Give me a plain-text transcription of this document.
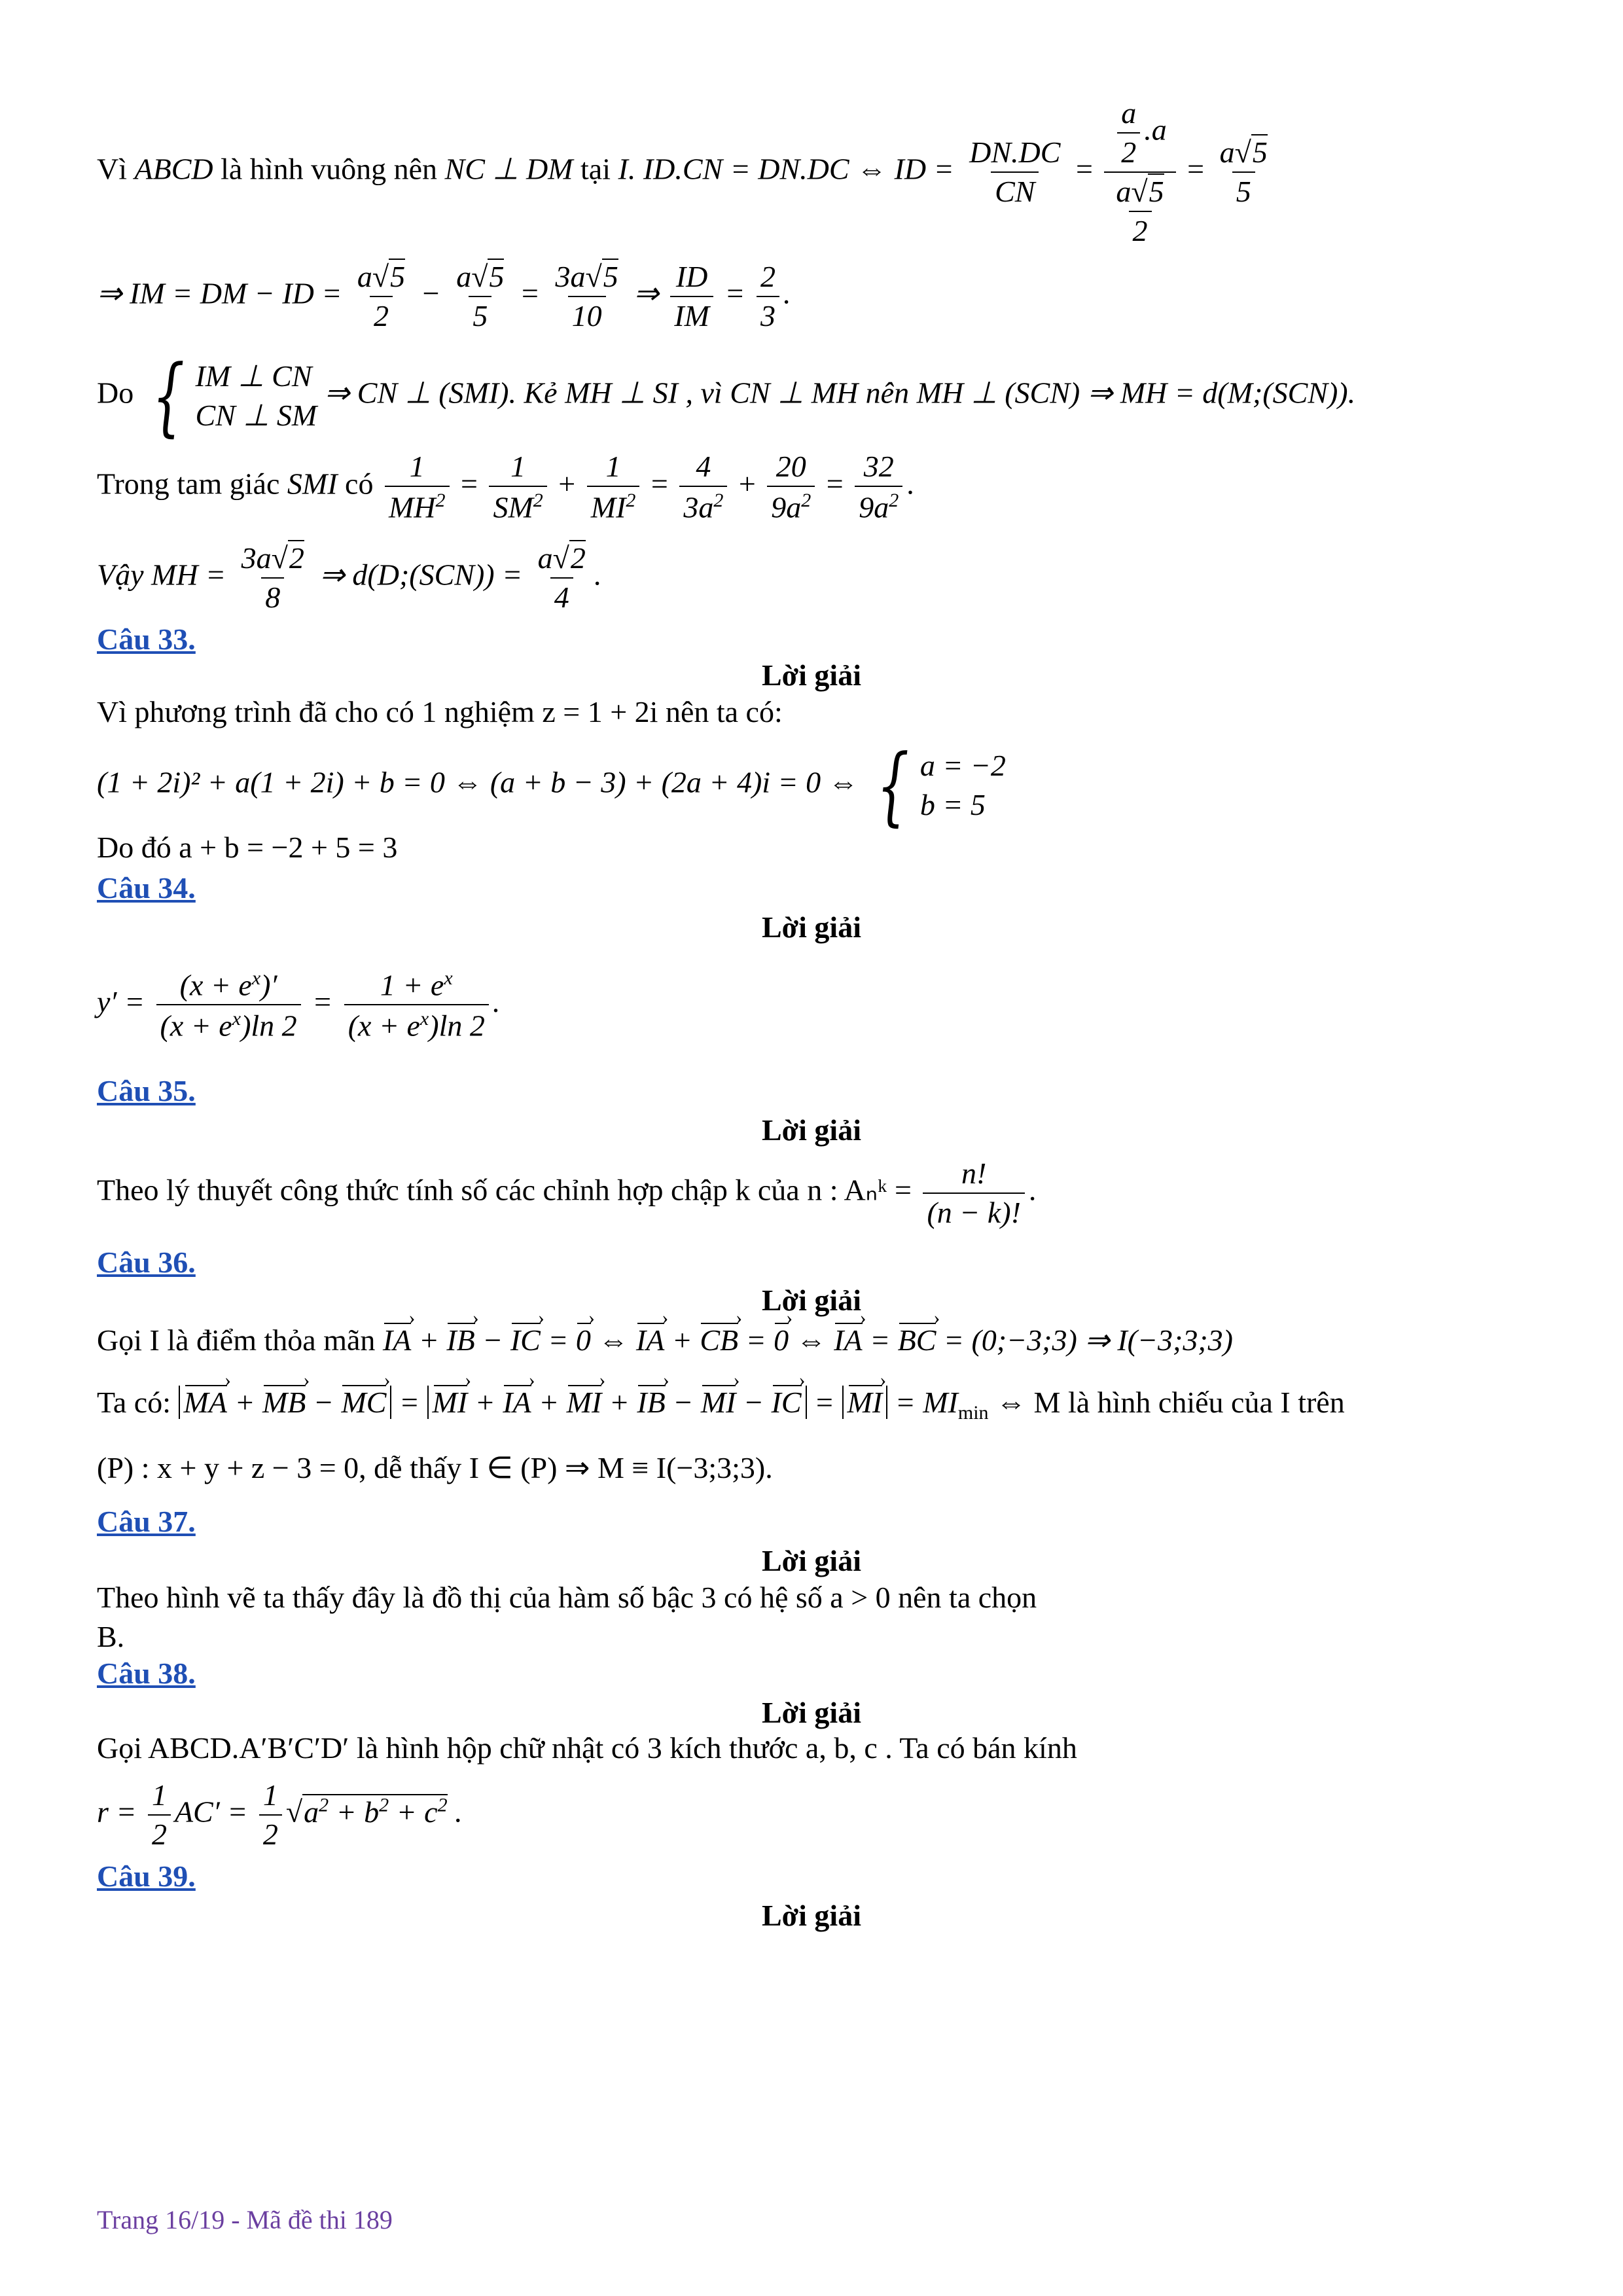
Vì ABCD là hình vuông nên NC ⊥ DM tại I. ID.CN = DN.DC ⇔ ID = $\frac{DN.DC}{CN} = \frac{\frac{a}{2} .a}{\frac{a√5}{2}} = \frac{a√5}{5}$
⇒ IM = DM − ID = $\frac{a√5}{2} - \frac{a√5}{5} = \frac{3a√5}{10}$ ⇒ $\frac{ID}{IM} = \frac{2}{3}$ .
Do { IM ⊥ CN
CN ⊥ SM
⇒ CN ⊥ (SMI). Kẻ MH ⊥ SI , vì CN ⊥ MH nên MH ⊥ (SCN) ⇒ MH = d(M;(SCN)).
Trong tam giác SMI có $\frac{1}{MH^2} = \frac{1}{SM^2} + \frac{1}{MI^2} = \frac{4}{3a^2} + \frac{20}{9a^2} = \frac{32}{9a^2}$ .
Vậy MH = $\frac{3a√2}{8}$ ⇒ d(D;(SCN)) = $\frac{a√2}{4}$ .
Câu 33.
Lời giải
Vì phương trình đã cho có 1 nghiệm z = 1 + 2i nên ta có:
(1 + 2i)² + a(1 + 2i) + b = 0 ⇔ (a + b − 3) + (2a + 4)i = 0 ⇔ { a = −2
b = 5
Do đó a + b = −2 + 5 = 3
Câu 34.
Lời giải
$y' = \frac{(x + e^x)'}{(x + e^x)\ln 2} = \frac{1 + e^x}{(x + e^x)\ln 2}$ .
Câu 35.
Lời giải
Theo lý thuyết công thức tính số các chỉnh hợp chập k của n : Aₙᵏ = $\frac{n!}{(n - k)!}$ .
Câu 36.
Lời giải
Gọi I là điểm thỏa mãn IA › + IB › − IC › = 0 › ⇔ IA › + CB › = 0 › ⇔ IA › = BC › = (0;−3;3) ⇒ I(−3;3;3)
Ta có: MA › + MB › − MC › = MI › + IA › + MI › + IB › − MI › − IC › = MI › = $MI_{min}$ ⇔ M là hình chiếu của I trên
(P) : x + y + z − 3 = 0, dễ thấy I ∈ (P) ⇒ M ≡ I(−3;3;3).
Câu 37.
Lời giải
Theo hình vẽ ta thấy đây là đồ thị của hàm số bậc 3 có hệ số a > 0 nên ta chọn
B.
Câu 38.
Lời giải
Gọi ABCD.A′B′C′D′ là hình hộp chữ nhật có 3 kích thước a, b, c . Ta có bán kính
$r = \frac{1}{2} AC' = \frac{1}{2} √a^2 + b^2 + c^2$ .
Câu 39.
Lời giải
Trang 16/19 - Mã đề thi 189
